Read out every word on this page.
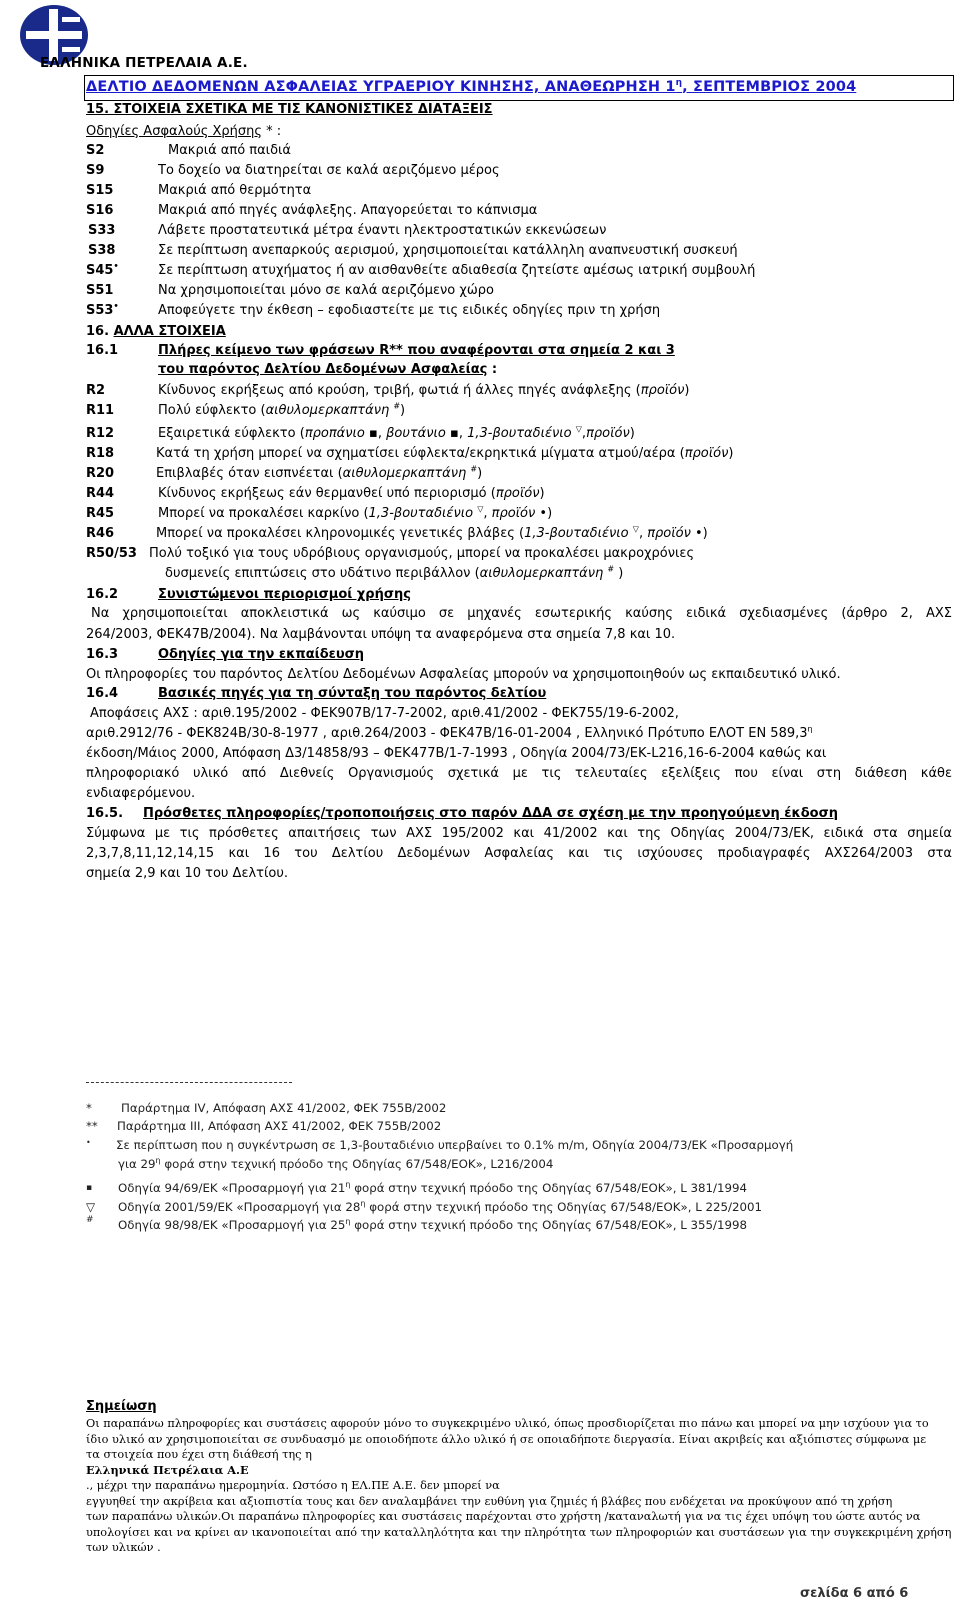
ΕΛΛΗΝΙΚΑ ΠΕΤΡΕΛΑΙΑ Α.Ε.
ΔΕΛΤΙΟ ΔΕΔΟΜΕΝΩΝ ΑΣΦΑΛΕΙΑΣ ΥΓΡΑΕΡΙΟΥ ΚΙΝΗΣΗΣ, ΑΝΑΘΕΩΡΗΣΗ $1^\eta$, ΣΕΠΤΕΜΒΡΙΟΣ 2004
15. ΣΤΟΙΧΕΙΑ ΣΧΕΤΙΚΑ ΜΕ ΤΙΣ ΚΑΝΟΝΙΣΤΙΚΕΣ ΔΙΑΤΑΞΕΙΣ
Οδηγίες Ασφαλούς Χρήσης * :
S2	Μακριά από παιδιά
S9	Το δοχείο να διατηρείται σε καλά αεριζόμενο μέρος
S15	Μακριά από θερμότητα
S16	Μακριά από πηγές ανάφλεξης. Απαγορεύεται το κάπνισμα
S33	Λάβετε προστατευτικά μέτρα έναντι ηλεκτροστατικών εκκενώσεων
S38	Σε περίπτωση ανεπαρκούς αερισμού, χρησιμοποιείται κατάλληλη αναπνευστική συσκευή
S45•	Σε περίπτωση ατυχήματος ή αν αισθανθείτε αδιαθεσία ζητείστε αμέσως ιατρική συμβουλή
S51	Να χρησιμοποιείται μόνο σε καλά αεριζόμενο χώρο
S53•	Αποφεύγετε την έκθεση – εφοδιαστείτε με τις ειδικές οδηγίες πριν τη χρήση
16. ΑΛΛΑ ΣΤΟΙΧΕΙΑ
16.1	Πλήρες κείμενο των φράσεων R** που αναφέρονται στα σημεία 2 και 3
του παρόντος Δελτίου Δεδομένων Ασφαλείας :
R2	Κίνδυνος εκρήξεως από κρούση, τριβή, φωτιά ή άλλες πηγές ανάφλεξης (προϊόν)
R11	Πολύ εύφλεκτο (αιθυλομερκαπτάνη #)
R12	Εξαιρετικά εύφλεκτο (προπάνιο ▪, βουτάνιο ▪, 1,3-βουταδιένιο ▽,προϊόν)
R18	Κατά τη χρήση μπορεί να σχηματίσει εύφλεκτα/εκρηκτικά μίγματα ατμού/αέρα (προϊόν)
R20	Επιβλαβές όταν εισπνέεται (αιθυλομερκαπτάνη #)
R44	Κίνδυνος εκρήξεως εάν θερμανθεί υπό περιορισμό (προϊόν)
R45	Μπορεί να προκαλέσει καρκίνο (1,3-βουταδιένιο ▽, προϊόν •)
R46	Μπορεί να προκαλέσει κληρονομικές γενετικές βλάβες (1,3-βουταδιένιο ▽, προϊόν •)
R50/53 Πολύ τοξικό για τους υδρόβιους οργανισμούς, μπορεί να προκαλέσει μακροχρόνιες
δυσμενείς επιπτώσεις στο υδάτινο περιβάλλον (αιθυλομερκαπτάνη # )
16.2	Συνιστώμενοι περιορισμοί χρήσης
Να χρησιμοποιείται αποκλειστικά ως καύσιμο σε μηχανές εσωτερικής καύσης ειδικά σχεδιασμένες (άρθρο 2, ΑΧΣ
264/2003, ΦΕΚ47Β/2004). Να λαμβάνονται υπόψη τα αναφερόμενα στα σημεία 7,8 και 10.
16.3	Οδηγίες για την εκπαίδευση
Οι πληροφορίες του παρόντος Δελτίου Δεδομένων Ασφαλείας μπορούν να χρησιμοποιηθούν ως εκπαιδευτικό υλικό.
16.4	Βασικές πηγές για τη σύνταξη του παρόντος δελτίου
Αποφάσεις ΑΧΣ : αριθ.195/2002 - ΦΕΚ907Β/17-7-2002, αριθ.41/2002 - ΦΕΚ755/19-6-2002,
αριθ.2912/76 - ΦΕΚ824Β/30-8-1977 , αριθ.264/2003 - ΦΕΚ47Β/16-01-2004 , Ελληνικό Πρότυπο ΕΛΟΤ ΕΝ $589,3^\eta$
έκδοση/Μάιος 2000, Απόφαση Δ3/14858/93 – ΦΕΚ477Β/1-7-1993 , Οδηγία 2004/73/ΕΚ-L216,16-6-2004 καθώς και
πληροφοριακό υλικό από Διεθνείς Οργανισμούς σχετικά με τις τελευταίες εξελίξεις που είναι στη διάθεση κάθε
ενδιαφερόμενου.
16.5. Πρόσθετες πληροφορίες/τροποποιήσεις στο παρόν ΔΔΑ σε σχέση με την προηγούμενη έκδοση
Σύμφωνα με τις πρόσθετες απαιτήσεις των ΑΧΣ 195/2002 και 41/2002 και της Οδηγίας 2004/73/ΕΚ, ειδικά στα σημεία
2,3,7,8,11,12,14,15 και 16 του Δελτίου Δεδομένων Ασφαλείας και τις ισχύουσες προδιαγραφές ΑΧΣ264/2003 στα
σημεία 2,9 και 10 του Δελτίου.
* Παράρτημα IV, Απόφαση ΑΧΣ 41/2002, ΦΕΚ 755Β/2002
** Παράρτημα ΙΙΙ, Απόφαση ΑΧΣ 41/2002, ΦΕΚ 755Β/2002
• Σε περίπτωση που η συγκέντρωση σε 1,3-βουταδιένιο υπερβαίνει το 0.1% m/m, Οδηγία 2004/73/ΕΚ «Προσαρμογή
για $29^\eta$ φορά στην τεχνική πρόοδο της Οδηγίας 67/548/ΕΟΚ», L216/2004
▪ Οδηγία 94/69/ΕΚ «Προσαρμογή για $21^\eta$ φορά στην τεχνική πρόοδο της Οδηγίας 67/548/ΕΟΚ», L 381/1994
▽ Οδηγία 2001/59/ΕΚ «Προσαρμογή για $28^\eta$ φορά στην τεχνική πρόοδο της Οδηγίας 67/548/ΕΟΚ», L 225/2001
# Οδηγία 98/98/ΕΚ «Προσαρμογή για $25^\eta$ φορά στην τεχνική πρόοδο της Οδηγίας 67/548/ΕΟΚ», L 355/1998
Σημείωση
Οι παραπάνω πληροφορίες και συστάσεις αφορούν μόνο το συγκεκριμένο υλικό, όπως προσδιορίζεται πιο πάνω και μπορεί να μην ισχύουν για το
ίδιο υλικό αν χρησιμοποιείται σε συνδυασμό με οποιοδήποτε άλλο υλικό ή σε οποιαδήποτε διεργασία. Είναι ακριβείς και αξιόπιστες σύμφωνα με
τα στοιχεία που έχει στη διάθεσή της η
Ελληνικά Πετρέλαια Α.Ε
., μέχρι την παραπάνω ημερομηνία. Ωστόσο η ΕΛ.ΠΕ Α.Ε. δεν μπορεί να
εγγυηθεί την ακρίβεια και αξιοπιστία τους και δεν αναλαμβάνει την ευθύνη για ζημιές ή βλάβες που ενδέχεται να προκύψουν από τη χρήση
των παραπάνω υλικών.Οι παραπάνω πληροφορίες και συστάσεις παρέχονται στο χρήστη /καταναλωτή για να τις έχει υπόψη του ώστε αυτός να
υπολογίσει και να κρίνει αν ικανοποιείται από την καταλληλότητα και την πληρότητα των πληροφοριών και συστάσεων για την συγκεκριμένη χρήση
των υλικών .
σελίδα 6 από 6
